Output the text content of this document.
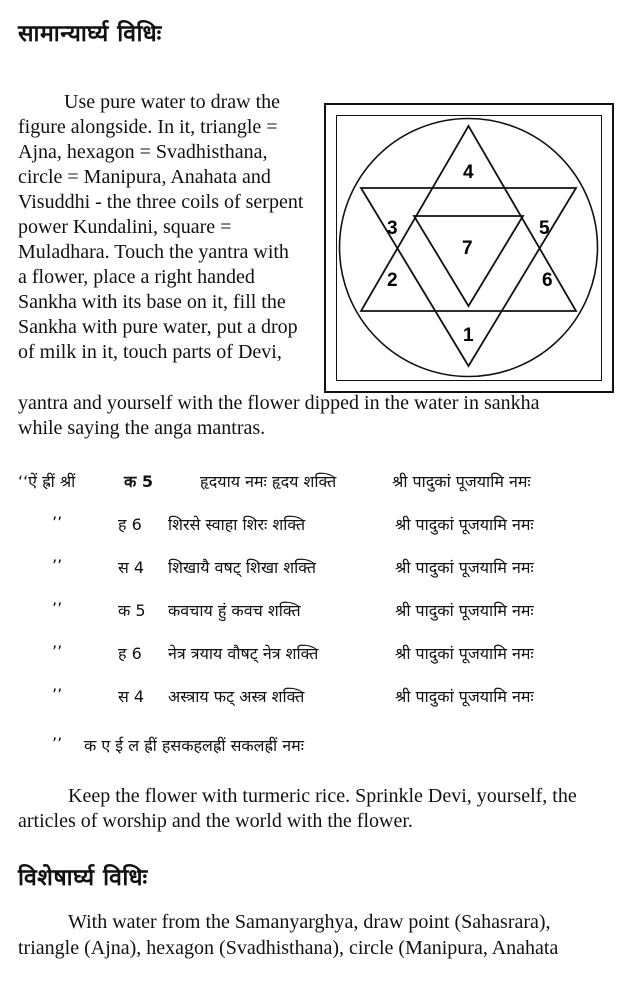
सामान्यार्घ्य विधिः
Use pure water to draw the
figure alongside. In it, triangle =
Ajna, hexagon = Svadhisthana,
circle = Manipura, Anahata and
Visuddhi - the three coils of serpent
power Kundalini, square =
Muladhara. Touch the yantra with
a flower, place a right handed
Sankha with its base on it, fill the
Sankha with pure water, put a drop
of milk in it, touch parts of Devi,
4
3	5
7
2	6
1
yantra and yourself with the flower dipped in the water in sankha
while saying the anga mantras.
‘‘ऐं ह्रीं श्रीं	क 5	हृदयाय नमः हृदय शक्ति	श्री पादुकां पूजयामि नमः
’’	ह 6 शिरसे स्वाहा शिरः शक्ति	श्री पादुकां पूजयामि नमः
’’	स 4 शिखायै वषट् शिखा शक्ति	श्री पादुकां पूजयामि नमः
’’	क 5 कवचाय हुं कवच शक्ति	श्री पादुकां पूजयामि नमः
’’	ह 6 नेत्र त्रयाय वौषट् नेत्र शक्ति	श्री पादुकां पूजयामि नमः
’’	स 4 अस्त्राय फट् अस्त्र शक्ति	श्री पादुकां पूजयामि नमः
’’ क ए ई ल ह्रीं हसकहलह्रीं सकलह्रीं नमः
Keep the flower with turmeric rice. Sprinkle Devi, yourself, the
articles of worship and the world with the flower.
विशेषार्घ्य विधिः
With water from the Samanyarghya, draw point (Sahasrara),
triangle (Ajna), hexagon (Svadhisthana), circle (Manipura, Anahata
